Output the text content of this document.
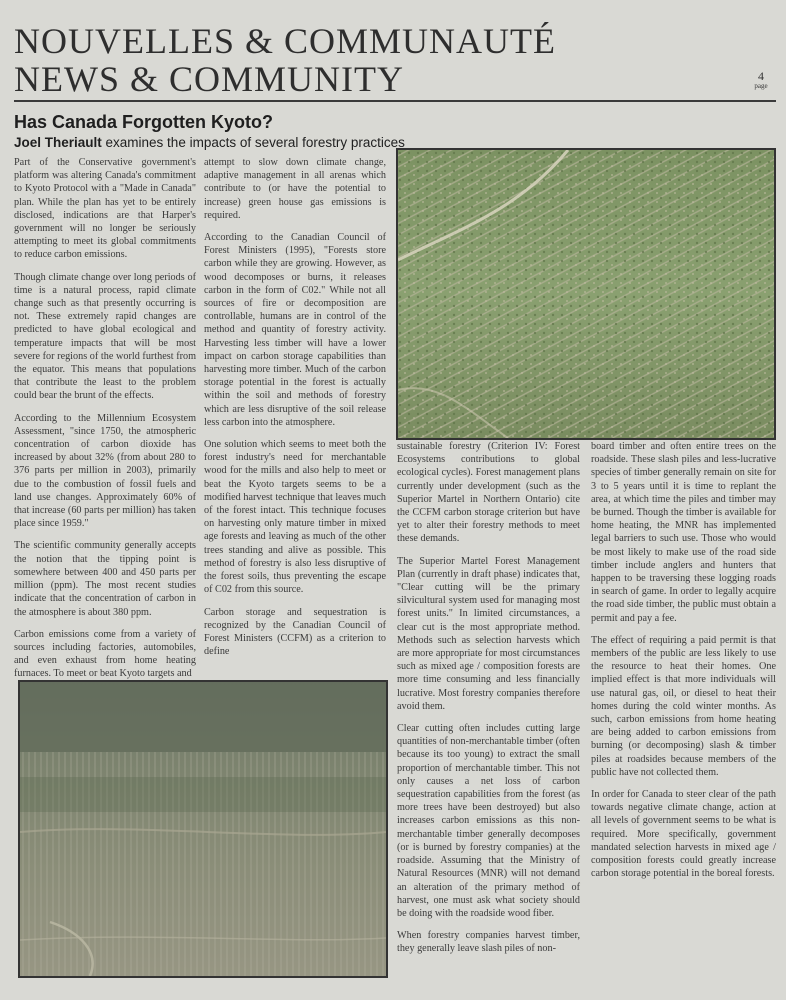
NOUVELLES & COMMUNAUTÉ
NEWS & COMMUNITY	4
page
Has Canada Forgotten Kyoto?
Joel Theriault examines the impacts of several forestry practices

Part of the Conservative government's platform was altering Canada's commitment to Kyoto Protocol with a "Made in Canada" plan. While the plan has yet to be entirely disclosed, indications are that Harper's government will no longer be seriously attempting to meet its global commitments to reduce carbon emissions.

Though climate change over long periods of time is a natural process, rapid climate change such as that presently occurring is not. These extremely rapid changes are predicted to have global ecological and temperature impacts that will be most severe for regions of the world furthest from the equator. This means that populations that contribute the least to the problem could bear the brunt of the effects.

According to the Millennium Ecosystem Assessment, "since 1750, the atmospheric concentration of carbon dioxide has increased by about 32% (from about 280 to 376 parts per million in 2003), primarily due to the combustion of fossil fuels and land use changes. Approximately 60% of that increase (60 parts per million) has taken place since 1959."

The scientific community generally accepts the notion that the tipping point is somewhere between 400 and 450 parts per million (ppm). The most recent studies indicate that the concentration of carbon in the atmosphere is about 380 ppm.

Carbon emissions come from a variety of sources including factories, automobiles, and even exhaust from home heating furnaces. To meet or beat Kyoto targets and

attempt to slow down climate change, adaptive management in all arenas which contribute to (or have the potential to increase) green house gas emissions is required.

According to the Canadian Council of Forest Ministers (1995), "Forests store carbon while they are growing. However, as wood decomposes or burns, it releases carbon in the form of C02." While not all sources of fire or decomposition are controllable, humans are in control of the method and quantity of forestry activity. Harvesting less timber will have a lower impact on carbon storage capabilities than harvesting more timber. Much of the carbon storage potential in the forest is actually within the soil and methods of forestry which are less disruptive of the soil release less carbon into the atmosphere.

One solution which seems to meet both the forest industry's need for merchantable wood for the mills and also help to meet or beat the Kyoto targets seems to be a modified harvest technique that leaves much of the forest intact. This technique focuses on harvesting only mature timber in mixed age forests and leaving as much of the other trees standing and alive as possible. This method of forestry is also less disruptive of the forest soils, thus preventing the escape of C02 from this source.

Carbon storage and sequestration is recognized by the Canadian Council of Forest Ministers (CCFM) as a criterion to define

sustainable forestry (Criterion IV: Forest Ecosystems contributions to global ecological cycles). Forest management plans currently under development (such as the Superior Martel in Northern Ontario) cite the CCFM carbon storage criterion but have yet to alter their forestry methods to meet these demands.

The Superior Martel Forest Management Plan (currently in draft phase) indicates that, "Clear cutting will be the primary silvicultural system used for managing most forest units." In limited circumstances, a clear cut is the most appropriate method. Methods such as selection harvests which are more appropriate for most circumstances such as mixed age / composition forests are more time consuming and less financially lucrative. Most forestry companies therefore avoid them.

Clear cutting often includes cutting large quantities of non-merchantable timber (often because its too young) to extract the small proportion of merchantable timber. This not only causes a net loss of carbon sequestration capabilities from the forest (as more trees have been destroyed) but also increases carbon emissions as this non-merchantable timber generally decomposes (or is burned by forestry companies) at the roadside. Assuming that the Ministry of Natural Resources (MNR) will not demand an alteration of the primary method of harvest, one must ask what society should be doing with the roadside wood fiber.

When forestry companies harvest timber, they generally leave slash piles of non-

board timber and often entire trees on the roadside. These slash piles and less-lucrative species of timber generally remain on site for 3 to 5 years until it is time to replant the area, at which time the piles and timber may be burned. Though the timber is available for home heating, the MNR has implemented legal barriers to such use. Those who would be most likely to make use of the road side timber include anglers and hunters that happen to be traversing these logging roads in search of game. In order to legally acquire the road side timber, the public must obtain a permit and pay a fee.

The effect of requiring a paid permit is that members of the public are less likely to use the resource to heat their homes. One implied effect is that more individuals will use natural gas, oil, or diesel to heat their homes during the cold winter months. As such, carbon emissions from home heating are being added to carbon emissions from burning (or decomposing) slash & timber piles at roadsides because members of the public have not collected them.

In order for Canada to steer clear of the path towards negative climate change, action at all levels of government seems to be what is required. More specifically, government mandated selection harvests in mixed age / composition forests could greatly increase carbon storage potential in the boreal forests.
